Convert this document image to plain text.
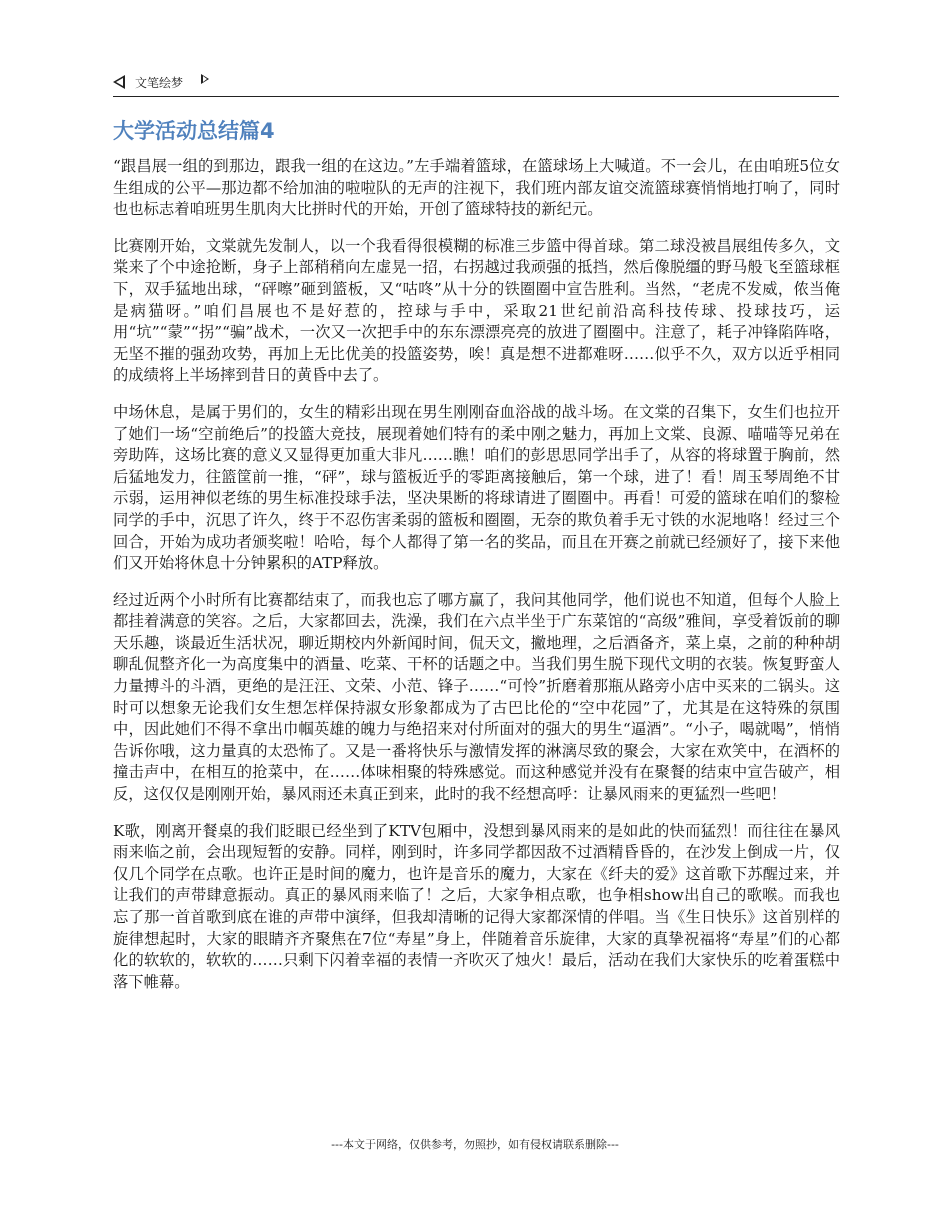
文笔绘梦
大学活动总结篇4

“跟昌展一组的到那边，跟我一组的在这边。”左手端着篮球，在篮球场上大喊道。不一会儿，在由咱班5位女生组成的公平—那边都不给加油的啦啦队的无声的注视下，我们班内部友谊交流篮球赛悄悄地打响了，同时也也标志着咱班男生肌肉大比拼时代的开始，开创了篮球特技的新纪元。

比赛刚开始，文棠就先发制人，以一个我看得很模糊的标准三步篮中得首球。第二球没被昌展组传多久，文棠来了个中途抢断，身子上部稍稍向左虚晃一招，右拐越过我顽强的抵挡，然后像脱缰的野马般飞至篮球框下，双手猛地出球，“砰嚓”砸到篮板，又“咕咚”从十分的铁圈圈中宣告胜利。当然，“老虎不发威，侬当俺是病猫呀。”咱们昌展也不是好惹的，控球与手中，采取21世纪前沿高科技传球、投球技巧，运用“坑”“蒙”“拐”“骗”战术，一次又一次把手中的东东漂漂亮亮的放进了圈圈中。注意了，耗子冲锋陷阵咯，无坚不摧的强劲攻势，再加上无比优美的投篮姿势，唉！真是想不进都难呀……似乎不久，双方以近乎相同的成绩将上半场摔到昔日的黄昏中去了。

中场休息，是属于男们的，女生的精彩出现在男生刚刚奋血浴战的战斗场。在文棠的召集下，女生们也拉开了她们一场“空前绝后”的投篮大竞技，展现着她们特有的柔中刚之魅力，再加上文棠、良源、喵喵等兄弟在旁助阵，这场比赛的意义又显得更加重大非凡……瞧！咱们的彭思思同学出手了，从容的将球置于胸前，然后猛地发力，往篮筐前一推，“砰”，球与篮板近乎的零距离接触后，第一个球，进了！看！周玉琴周绝不甘示弱，运用神似老练的男生标准投球手法，坚决果断的将球请进了圈圈中。再看！可爱的篮球在咱们的黎检同学的手中，沉思了许久，终于不忍伤害柔弱的篮板和圈圈，无奈的欺负着手无寸铁的水泥地咯！经过三个回合，开始为成功者颁奖啦！哈哈，每个人都得了第一名的奖品，而且在开赛之前就已经颁好了，接下来他们又开始将休息十分钟累积的ATP释放。

经过近两个小时所有比赛都结束了，而我也忘了哪方赢了，我问其他同学，他们说也不知道，但每个人脸上都挂着满意的笑容。之后，大家都回去，洗澡，我们在六点半坐于广东菜馆的“高级”雅间，享受着饭前的聊天乐趣，谈最近生活状况，聊近期校内外新闻时间，侃天文，撇地理，之后酒备齐，菜上桌，之前的种种胡聊乱侃整齐化一为高度集中的酒量、吃菜、干杯的话题之中。当我们男生脱下现代文明的衣装。恢复野蛮人力量搏斗的斗酒，更绝的是汪汪、文荣、小范、锋子……“可怜”折磨着那瓶从路旁小店中买来的二锅头。这时可以想象无论我们女生想怎样保持淑女形象都成为了古巴比伦的“空中花园”了，尤其是在这特殊的氛围中，因此她们不得不拿出巾帼英雄的魄力与绝招来对付所面对的强大的男生“逼酒”。“小子，喝就喝”，悄悄告诉你哦，这力量真的太恐怖了。又是一番将快乐与激情发挥的淋漓尽致的聚会，大家在欢笑中，在酒杯的撞击声中，在相互的抢菜中，在……体味相聚的特殊感觉。而这种感觉并没有在聚餐的结束中宣告破产，相反，这仅仅是刚刚开始，暴风雨还未真正到来，此时的我不经想高呼：让暴风雨来的更猛烈一些吧！

K歌，刚离开餐桌的我们眨眼已经坐到了KTV包厢中，没想到暴风雨来的是如此的快而猛烈！而往往在暴风雨来临之前，会出现短暂的安静。同样，刚到时，许多同学都因敌不过酒精昏昏的，在沙发上倒成一片，仅仅几个同学在点歌。也许正是时间的魔力，也许是音乐的魔力，大家在《纤夫的爱》这首歌下苏醒过来，并让我们的声带肆意振动。真正的暴风雨来临了！之后，大家争相点歌，也争相show出自己的歌喉。而我也忘了那一首首歌到底在谁的声带中演绎，但我却清晰的记得大家都深情的伴唱。当《生日快乐》这首别样的旋律想起时，大家的眼睛齐齐聚焦在7位“寿星”身上，伴随着音乐旋律，大家的真挚祝福将“寿星”们的心都化的软软的，软软的……只剩下闪着幸福的表情一齐吹灭了烛火！最后，活动在我们大家快乐的吃着蛋糕中落下帷幕。

---本文于网络，仅供参考，勿照抄，如有侵权请联系删除---
